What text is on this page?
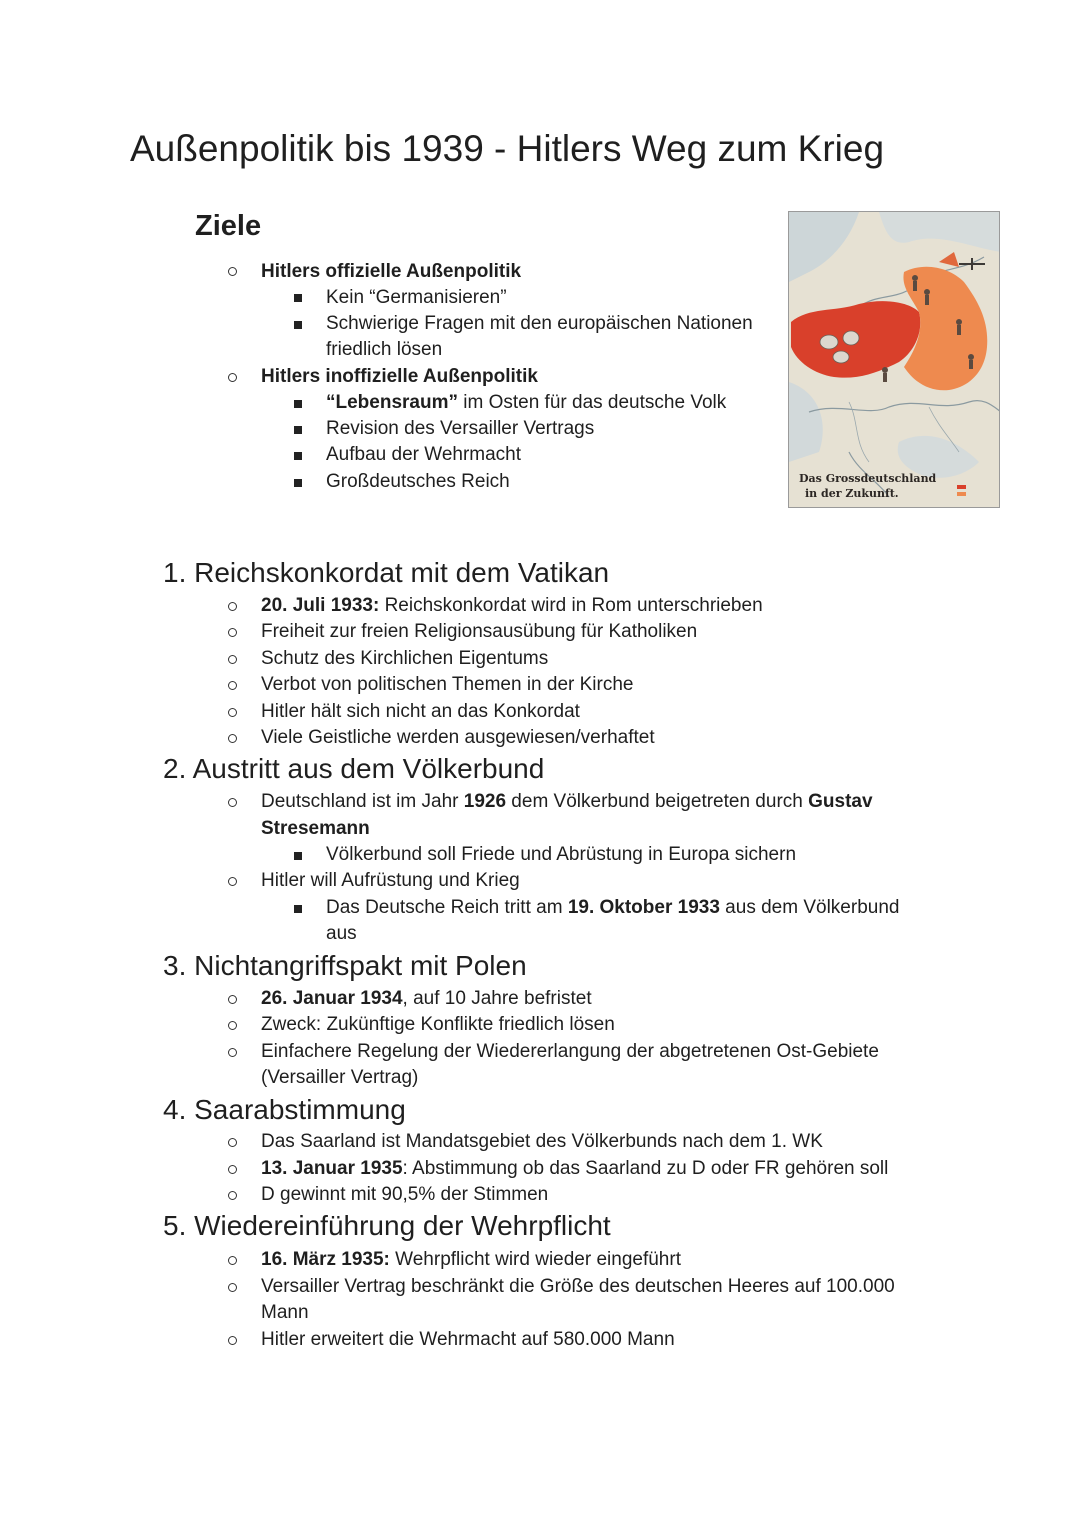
Außenpolitik bis 1939 - Hitlers Weg zum Krieg
Ziele
Hitlers offizielle Außenpolitik
Kein “Germanisieren”
Schwierige Fragen mit den europäischen Nationen
friedlich lösen
Hitlers inoffizielle Außenpolitik
“Lebensraum” im Osten für das deutsche Volk
Revision des Versailler Vertrags
Aufbau der Wehrmacht
Großdeutsches Reich	Das Grossdeutschland
in der Zukunft.
1. Reichskonkordat mit dem Vatikan
20. Juli 1933: Reichskonkordat wird in Rom unterschrieben
Freiheit zur freien Religionsausübung für Katholiken
Schutz des Kirchlichen Eigentums
Verbot von politischen Themen in der Kirche
Hitler hält sich nicht an das Konkordat
Viele Geistliche werden ausgewiesen/verhaftet
2. Austritt aus dem Völkerbund
Deutschland ist im Jahr 1926 dem Völkerbund beigetreten durch Gustav
Stresemann
Völkerbund soll Friede und Abrüstung in Europa sichern
Hitler will Aufrüstung und Krieg
Das Deutsche Reich tritt am 19. Oktober 1933 aus dem Völkerbund
aus
3. Nichtangriffspakt mit Polen
26. Januar 1934, auf 10 Jahre befristet
Zweck: Zukünftige Konflikte friedlich lösen
Einfachere Regelung der Wiedererlangung der abgetretenen Ost-Gebiete
(Versailler Vertrag)
4. Saarabstimmung
Das Saarland ist Mandatsgebiet des Völkerbunds nach dem 1. WK
13. Januar 1935: Abstimmung ob das Saarland zu D oder FR gehören soll
D gewinnt mit 90,5% der Stimmen
5. Wiedereinführung der Wehrpflicht
16. März 1935: Wehrpflicht wird wieder eingeführt
Versailler Vertrag beschränkt die Größe des deutschen Heeres auf 100.000
Mann
Hitler erweitert die Wehrmacht auf 580.000 Mann
